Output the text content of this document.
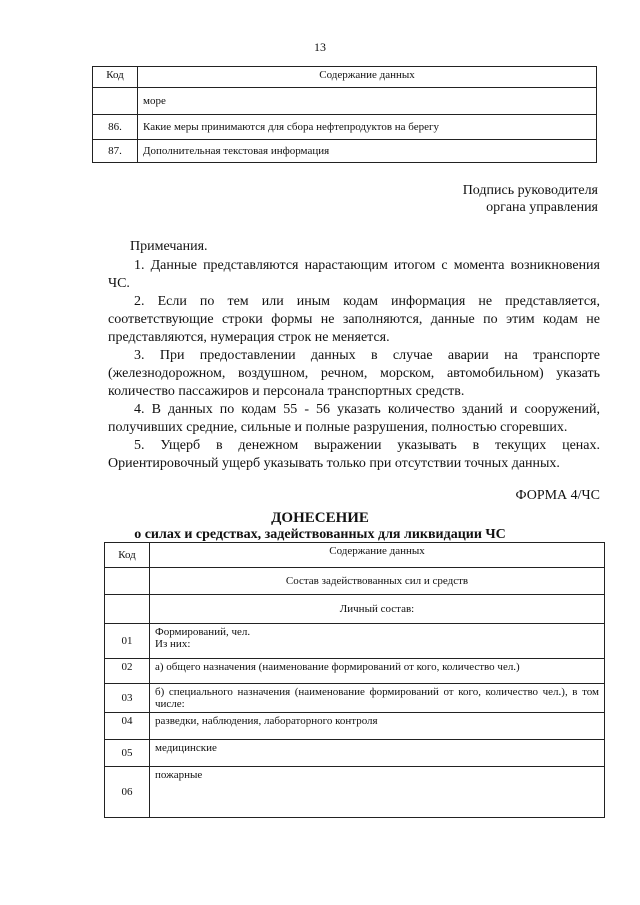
13
Код	Содержание данных
	море
86.	Какие меры принимаются для сбора нефтепродуктов на берегу
87.	Дополнительная текстовая информация
Подпись руководителя
органа управления

Примечания.

1. Данные представляются нарастающим итогом с момента возникновения ЧС.

2. Если по тем или иным кодам информация не представляется, соответствующие строки формы не заполняются, данные по этим кодам не представляются, нумерация строк не меняется.

3. При предоставлении данных в случае аварии на транспорте (железнодорожном, воздушном, речном, морском, автомобильном) указать количество пассажиров и персонала транспортных средств.

4. В данных по кодам 55 - 56 указать количество зданий и сооружений, получивших средние, сильные и полные разрушения, полностью сгоревших.

5. Ущерб в денежном выражении указывать в текущих ценах. Ориентировочный ущерб указывать только при отсутствии точных данных.

ФОРМА 4/ЧС
ДОНЕСЕНИЕ
о силах и средствах, задействованных для ликвидации ЧС
Код	Содержание данных
	Состав задействованных сил и средств
	Личный состав:
01	Формирований, чел.
Из них:

02	а) общего назначения (наименование формирований от кого, количество чел.)
03	б) специального назначения (наименование формирований от кого, количество чел.), в том числе:
04	разведки, наблюдения, лабораторного контроля
05	медицинские
06	пожарные
